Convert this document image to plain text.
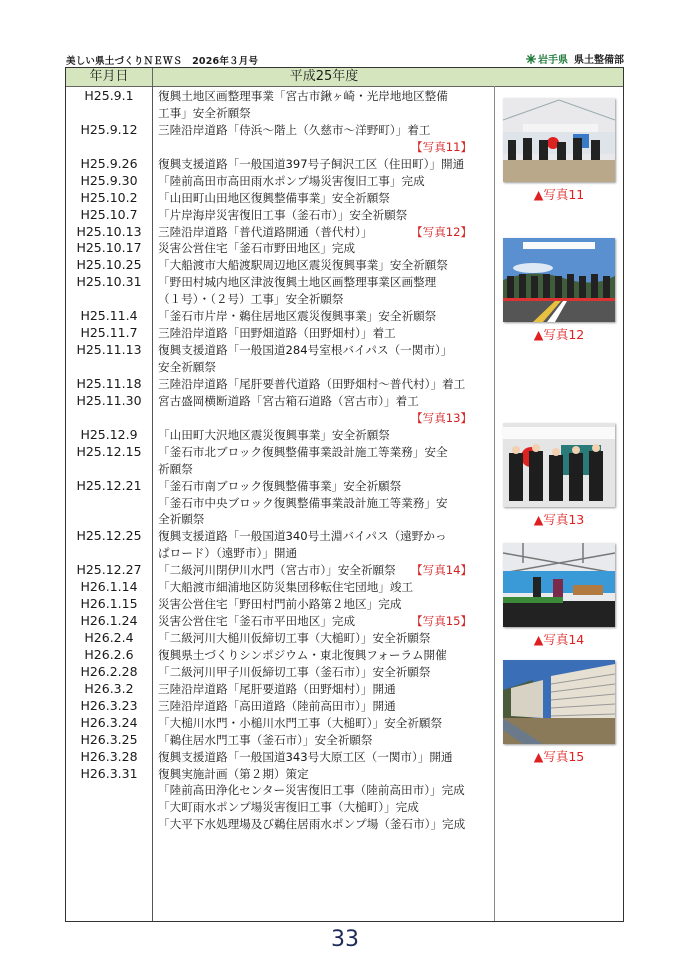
美しい県土づくりＮＥＷＳ　2026年３月号	岩手県 県土整備部
年月日	平成25年度
H25.9.1	復興土地区画整理事業「宮古市鍬ヶ崎・光岸地地区整備
工事」安全祈願祭
H25.9.12	三陸沿岸道路「侍浜～階上（久慈市～洋野町）」着工
【写真11】
H25.9.26	復興支援道路「一般国道397号子飼沢工区（住田町）」開通
H25.9.30	「陸前高田市高田雨水ポンプ場災害復旧工事」完成
H25.10.2	「山田町山田地区復興整備事業」安全祈願祭
H25.10.7	「片岸海岸災害復旧工事（釜石市）」安全祈願祭
H25.10.13	三陸沿岸道路「普代道路開通（普代村）」	【写真12】
H25.10.17	災害公営住宅「釜石市野田地区」完成
H25.10.25	「大船渡市大船渡駅周辺地区震災復興事業」安全祈願祭
H25.10.31	「野田村城内地区津波復興土地区画整理事業区画整理
（１号）・（２号）工事」安全祈願祭
H25.11.4	「釜石市片岸・鵜住居地区震災復興事業」安全祈願祭
H25.11.7	三陸沿岸道路「田野畑道路（田野畑村）」着工
H25.11.13	復興支援道路「一般国道284号室根バイパス（一関市）」
安全祈願祭
H25.11.18	三陸沿岸道路「尾肝要普代道路（田野畑村～普代村）」着工
H25.11.30	宮古盛岡横断道路「宮古箱石道路（宮古市）」着工
【写真13】
H25.12.9	「山田町大沢地区震災復興事業」安全祈願祭
H25.12.15	「釜石市北ブロック復興整備事業設計施工等業務」安全
祈願祭
H25.12.21	「釜石市南ブロック復興整備事業」安全祈願祭
「釜石市中央ブロック復興整備事業設計施工等業務」安
全祈願祭
H25.12.25	復興支援道路「一般国道340号土淵バイパス（遠野かっ
ぱロード）（遠野市）」開通
H25.12.27	「二級河川閉伊川水門（宮古市）」安全祈願祭 【写真14】
H26.1.14	「大船渡市細浦地区防災集団移転住宅団地」竣工
H26.1.15	災害公営住宅「野田村門前小路第２地区」完成
H26.1.24	災害公営住宅「釜石市平田地区」完成	【写真15】
H26.2.4	「二級河川大槌川仮締切工事（大槌町）」安全祈願祭
H26.2.6	復興県土づくりシンポジウム・東北復興フォーラム開催
H26.2.28	「二級河川甲子川仮締切工事（釜石市）」安全祈願祭
H26.3.2	三陸沿岸道路「尾肝要道路（田野畑村）」開通
H26.3.23	三陸沿岸道路「高田道路（陸前高田市）」開通
H26.3.24	「大槌川水門・小槌川水門工事（大槌町）」安全祈願祭
H26.3.25	「鵜住居水門工事（釜石市）」安全祈願祭
H26.3.28	復興支援道路「一般国道343号大原工区（一関市）」開通
H26.3.31	復興実施計画（第２期）策定
「陸前高田浄化センター災害復旧工事（陸前高田市）」完成
「大町雨水ポンプ場災害復旧工事（大槌町）」完成
「大平下水処理場及び鵜住居雨水ポンプ場（釜石市）」完成
▲写真11
▲写真12
▲写真13
▲写真14
▲写真15
33
